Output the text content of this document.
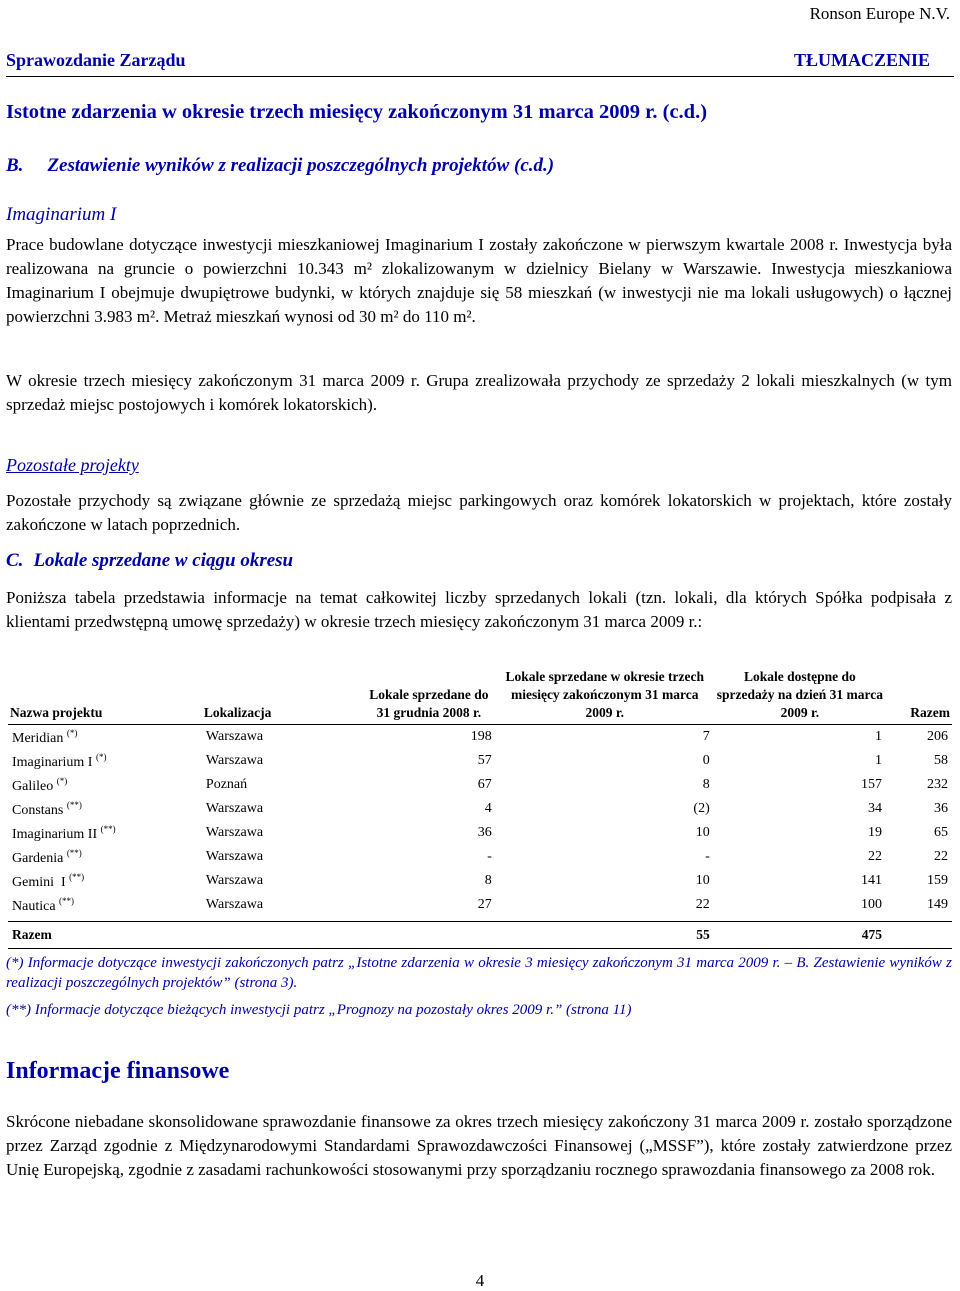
Ronson Europe N.V.
Sprawozdanie Zarządu	TŁUMACZENIE
Istotne zdarzenia w okresie trzech miesięcy zakończonym 31 marca 2009 r. (c.d.)
B. Zestawienie wyników z realizacji poszczególnych projektów (c.d.)
Imaginarium I
Prace budowlane dotyczące inwestycji mieszkaniowej Imaginarium I zostały zakończone w pierwszym kwartale 2008 r. Inwestycja była realizowana na gruncie o powierzchni 10.343 m² zlokalizowanym w dzielnicy Bielany w Warszawie. Inwestycja mieszkaniowa Imaginarium I obejmuje dwupiętrowe budynki, w których znajduje się 58 mieszkań (w inwestycji nie ma lokali usługowych) o łącznej powierzchni 3.983 m². Metraż mieszkań wynosi od 30 m² do 110 m².
W okresie trzech miesięcy zakończonym 31 marca 2009 r. Grupa zrealizowała przychody ze sprzedaży 2 lokali mieszkalnych (w tym sprzedaż miejsc postojowych i komórek lokatorskich).
Pozostałe projekty
Pozostałe przychody są związane głównie ze sprzedażą miejsc parkingowych oraz komórek lokatorskich w projektach, które zostały zakończone w latach poprzednich.
C. Lokale sprzedane w ciągu okresu
Poniższa tabela przedstawia informacje na temat całkowitej liczby sprzedanych lokali (tzn. lokali, dla których Spółka podpisała z klientami przedwstępną umowę sprzedaży) w okresie trzech miesięcy zakończonym 31 marca 2009 r.:
Nazwa projektu	Lokalizacja	Lokale sprzedane do 31 grudnia 2008 r.	Lokale sprzedane w okresie trzech miesięcy zakończonym 31 marca 2009 r.	Lokale dostępne do sprzedaży na dzień 31 marca 2009 r.	Razem
Meridian (*)	Warszawa	198	7	1	206
Imaginarium I (*)	Warszawa	57	0	1	58
Galileo (*)	Poznań	67	8	157	232
Constans (**)	Warszawa	4	(2)	34	36
Imaginarium II (**)	Warszawa	36	10	19	65
Gardenia (**)	Warszawa	-	-	22	22
Gemini  I (**)	Warszawa	8	10	141	159
Nautica (**)	Warszawa	27	22	100	149

Razem			55	475	
(*) Informacje dotyczące inwestycji zakończonych patrz „Istotne zdarzenia w okresie 3 miesięcy zakończonym 31 marca 2009 r. – B. Zestawienie wyników z realizacji poszczególnych projektów” (strona 3).
(**) Informacje dotyczące bieżących inwestycji patrz „Prognozy na pozostały okres 2009 r.” (strona 11)
Informacje finansowe
Skrócone niebadane skonsolidowane sprawozdanie finansowe za okres trzech miesięcy zakończony 31 marca 2009 r. zostało sporządzone przez Zarząd zgodnie z Międzynarodowymi Standardami Sprawozdawczości Finansowej („MSSF”), które zostały zatwierdzone przez Unię Europejską, zgodnie z zasadami rachunkowości stosowanymi przy sporządzaniu rocznego sprawozdania finansowego za 2008 rok.
4
